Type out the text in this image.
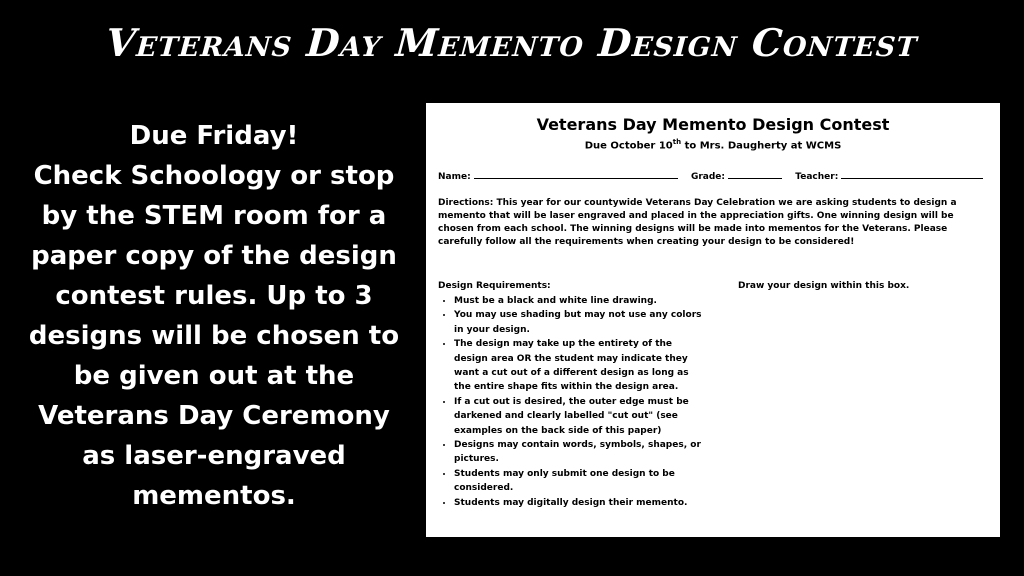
Veterans Day Memento Design Contest
Due Friday!
Check Schoology or stop
by the STEM room for a
paper copy of the design
contest rules. Up to 3
designs will be chosen to
be given out at the
Veterans Day Ceremony
as laser-engraved
mementos.
Veterans Day Memento Design Contest
Due October 10th to Mrs. Daugherty at WCMS
Name:	Grade:	Teacher:
Directions: This year for our countywide Veterans Day Celebration we are asking students to design a memento that will be laser engraved and placed in the appreciation gifts. One winning design will be chosen from each school. The winning designs will be made into mementos for the Veterans. Please carefully follow all the requirements when creating your design to be considered!
Design Requirements:
• Must be a black and white line drawing.
• You may use shading but may not use any colors in your design.
• The design may take up the entirety of the design area OR the student may indicate they want a cut out of a different design as long as the entire shape fits within the design area.
• If a cut out is desired, the outer edge must be darkened and clearly labelled "cut out" (see examples on the back side of this paper)
• Designs may contain words, symbols, shapes, or pictures.
• Students may only submit one design to be considered.
• Students may digitally design their memento.
Draw your design within this box.
